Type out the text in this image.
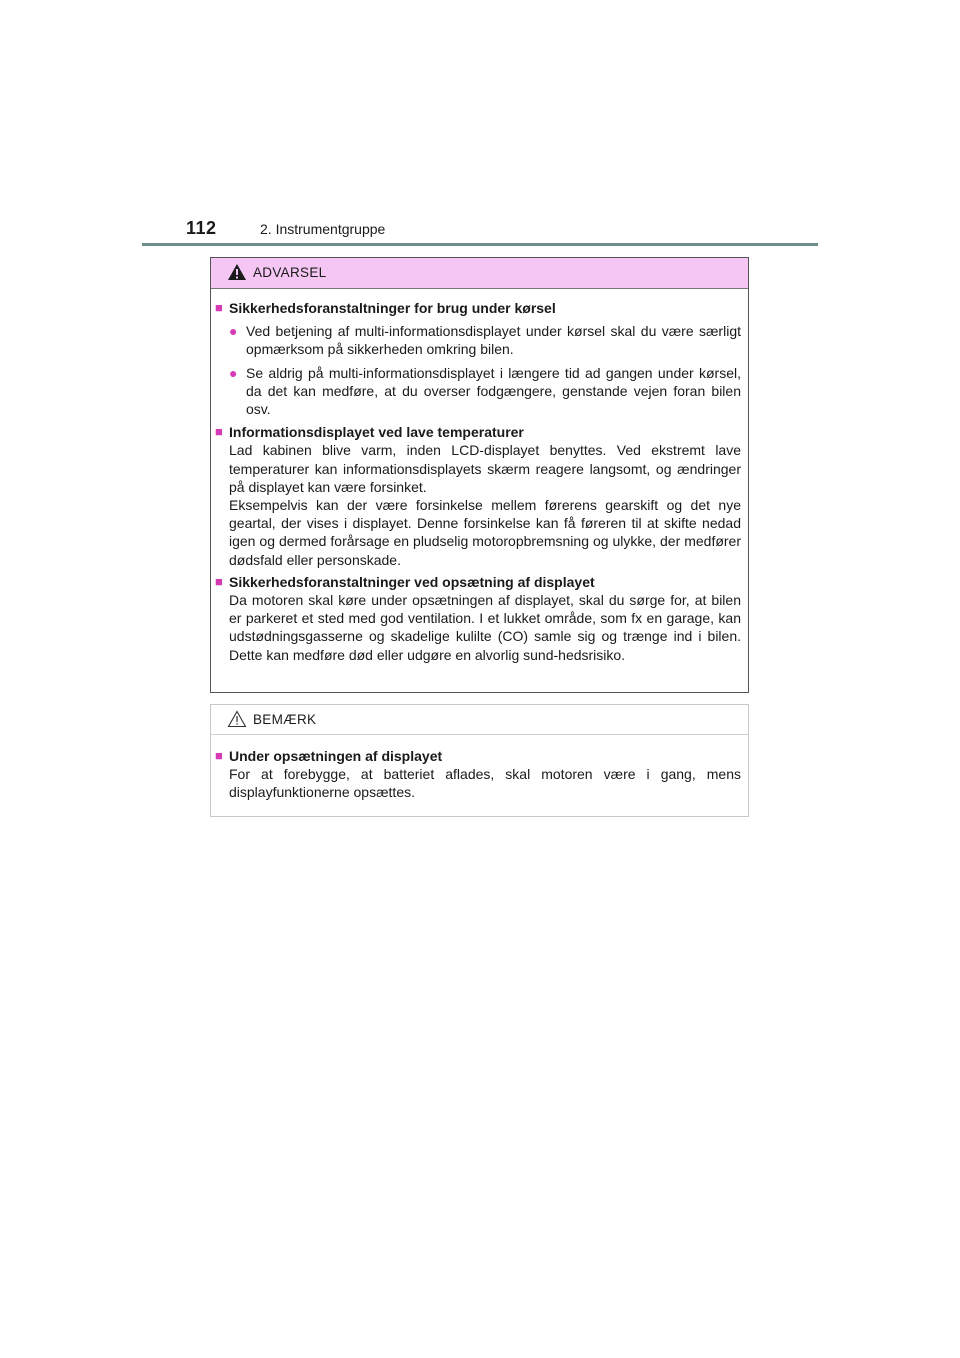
112	2. Instrumentgruppe
ADVARSEL
■ Sikkerhedsforanstaltninger for brug under kørsel
● Ved betjening af multi-informationsdisplayet under kørsel skal du være særligt opmærksom på sikkerheden omkring bilen.
● Se aldrig på multi-informationsdisplayet i længere tid ad gangen under kørsel, da det kan medføre, at du overser fodgængere, genstande vejen foran bilen osv.
■ Informationsdisplayet ved lave temperaturer
Lad kabinen blive varm, inden LCD-displayet benyttes. Ved ekstremt lave temperaturer kan informationsdisplayets skærm reagere langsomt, og ændringer på displayet kan være forsinket.
Eksempelvis kan der være forsinkelse mellem førerens gearskift og det nye geartal, der vises i displayet. Denne forsinkelse kan få føreren til at skifte nedad igen og dermed forårsage en pludselig motoropbremsning og ulykke, der medfører dødsfald eller personskade.
■ Sikkerhedsforanstaltninger ved opsætning af displayet
Da motoren skal køre under opsætningen af displayet, skal du sørge for, at bilen er parkeret et sted med god ventilation. I et lukket område, som fx en garage, kan udstødningsgasserne og skadelige kulilte (CO) samle sig og trænge ind i bilen. Dette kan medføre død eller udgøre en alvorlig sund-hedsrisiko.
BEMÆRK
■ Under opsætningen af displayet
For at forebygge, at batteriet aflades, skal motoren være i gang, mens displayfunktionerne opsættes.
